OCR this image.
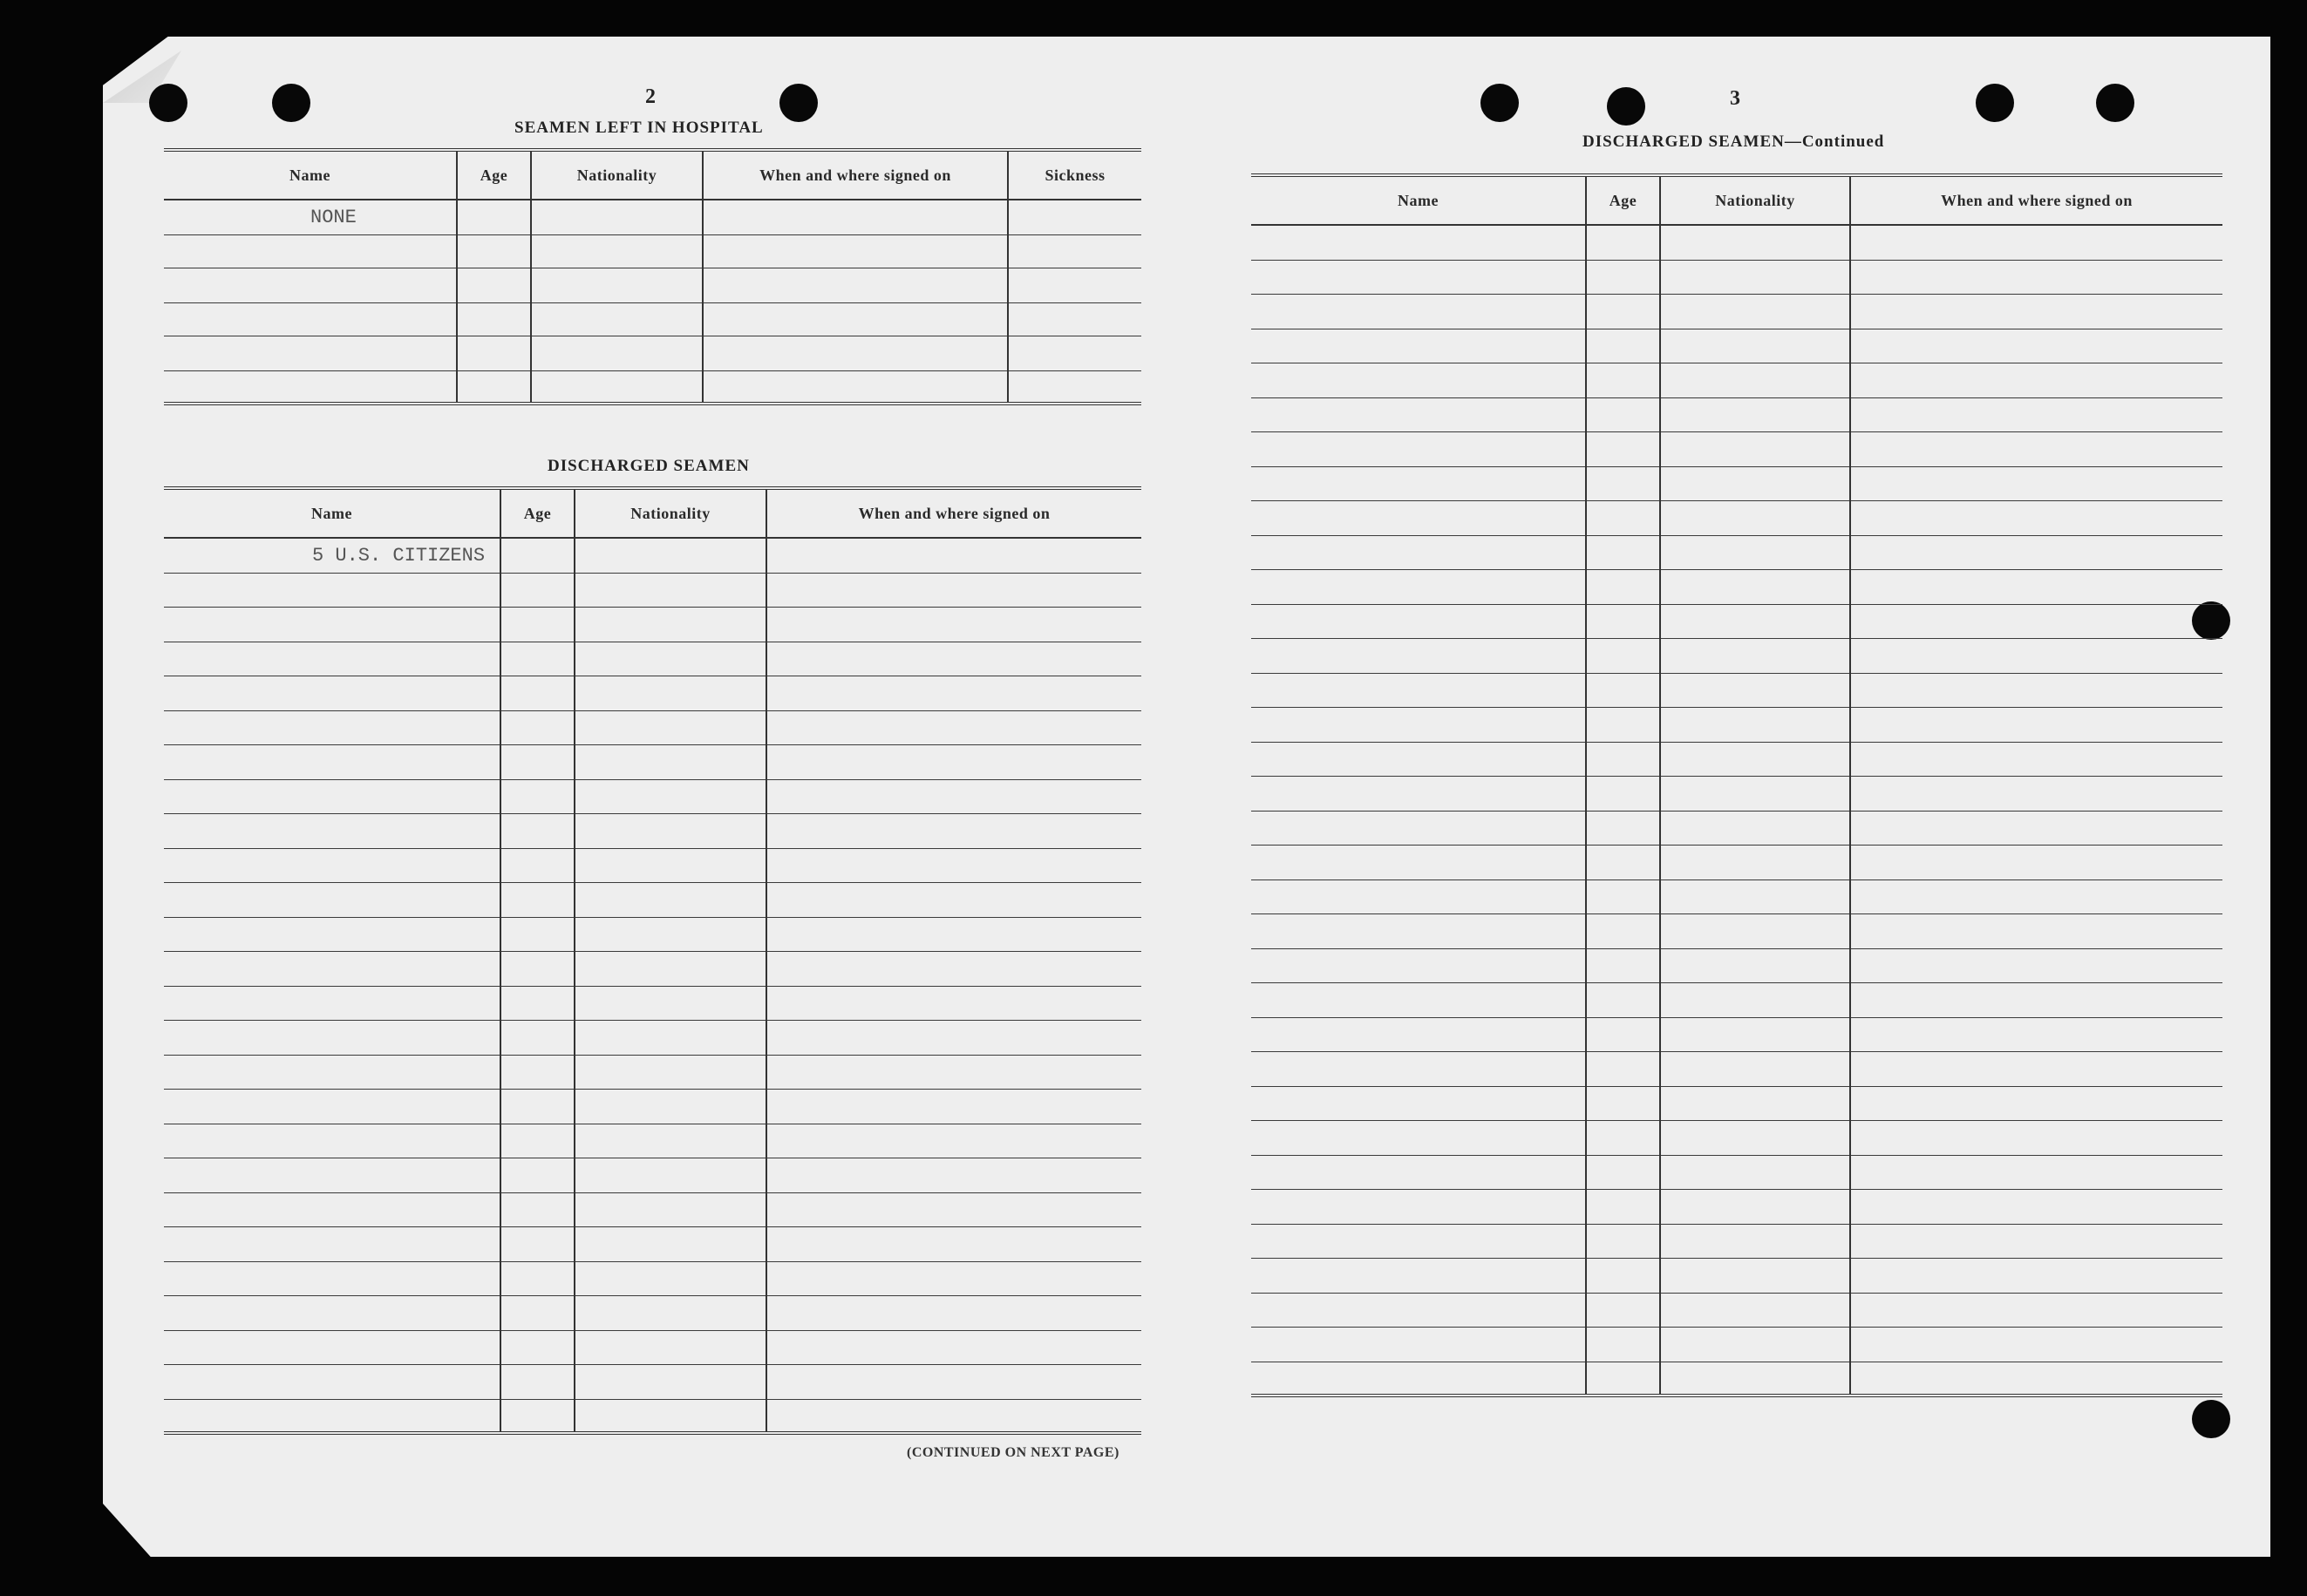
2
SEAMEN LEFT IN HOSPITAL
Name	Age	Nationality	When and where signed on	Sickness
NONE				

DISCHARGED SEAMEN
Name	Age	Nationality	When and where signed on
5 U.S. CITIZENS			

(CONTINUED ON NEXT PAGE)
3
DISCHARGED SEAMEN—Continued
Name	Age	Nationality	When and where signed on
